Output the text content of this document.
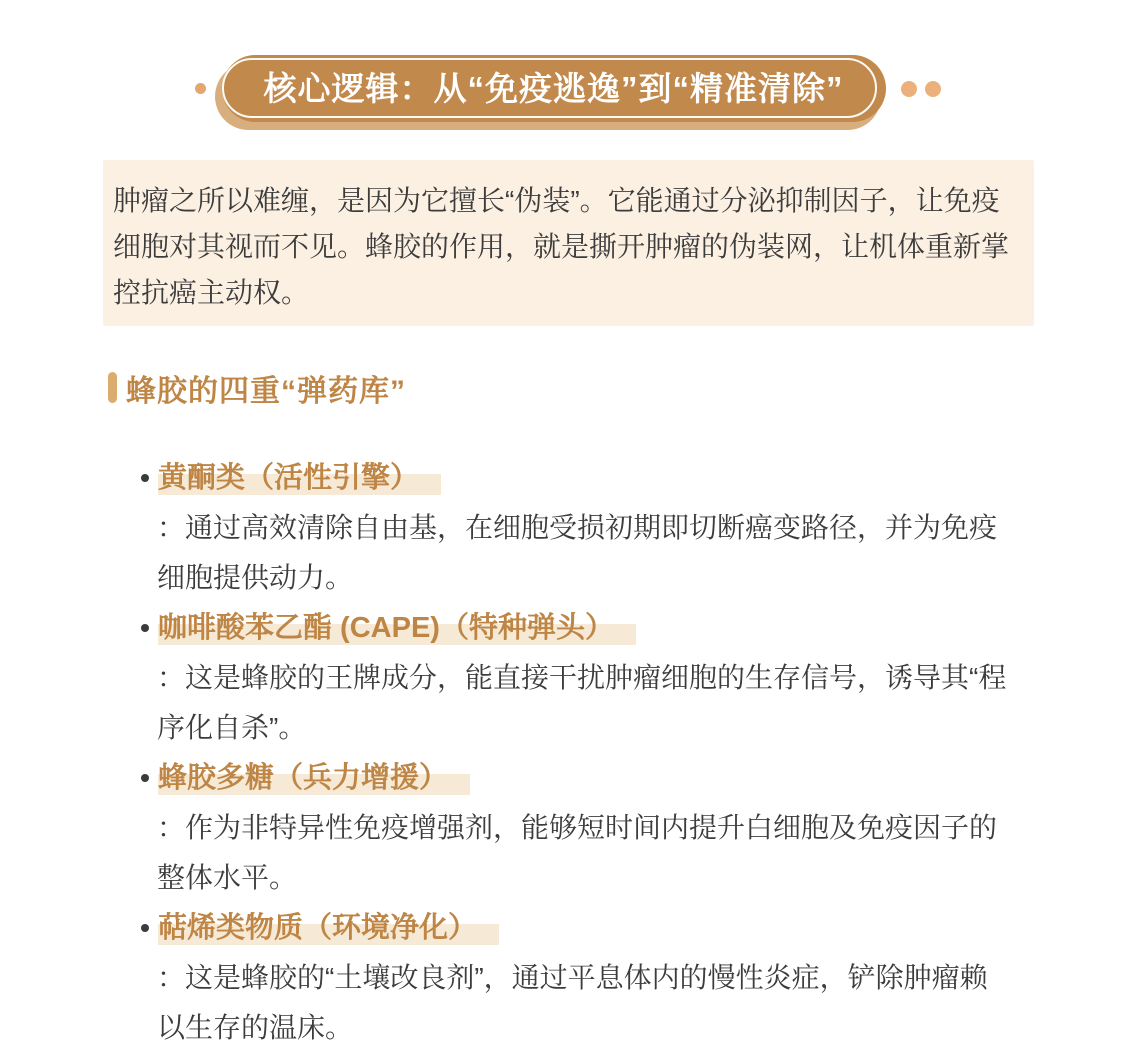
核心逻辑：从“免疫逃逸”到“精准清除”

肿瘤之所以难缠，是因为它擅长“伪装”。它能通过分泌抑制因子，让免疫细胞对其视而不见。蜂胶的作用，就是撕开肿瘤的伪装网，让机体重新掌控抗癌主动权。

蜂胶的四重“弹药库”
黄酮类（活性引擎）

：通过高效清除自由基，在细胞受损初期即切断癌变路径，并为免疫细胞提供动力。

咖啡酸苯乙酯 (CAPE)（特种弹头）

：这是蜂胶的王牌成分，能直接干扰肿瘤细胞的生存信号，诱导其“程序化自杀”。

蜂胶多糖（兵力增援）

：作为非特异性免疫增强剂，能够短时间内提升白细胞及免疫因子的整体水平。

萜烯类物质（环境净化）

：这是蜂胶的“土壤改良剂”，通过平息体内的慢性炎症，铲除肿瘤赖以生存的温床。
